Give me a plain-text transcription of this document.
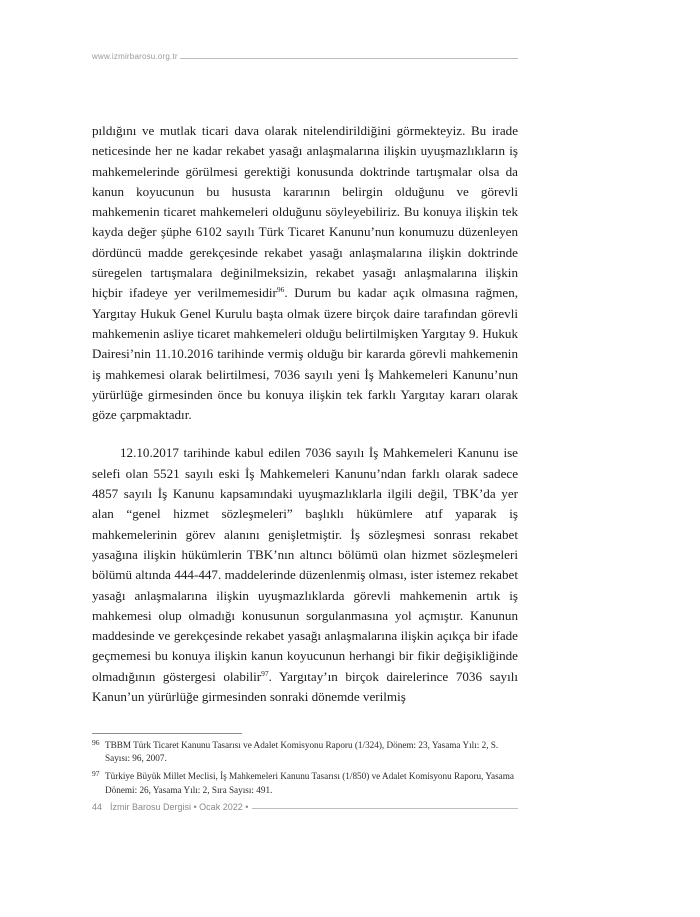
www.izmirbarosu.org.tr

pıldığını ve mutlak ticari dava olarak nitelendirildiğini görmekteyiz. Bu irade neticesinde her ne kadar rekabet yasağı anlaşmalarına ilişkin uyuşmazlıkların iş mahkemelerinde görülmesi gerektiği konusunda doktrinde tartışmalar olsa da kanun koyucunun bu hususta kararının belirgin olduğunu ve görevli mahkemenin ticaret mahkemeleri olduğunu söyleyebiliriz. Bu konuya ilişkin tek kayda değer şüphe 6102 sayılı Türk Ticaret Kanunu’nun konumuzu düzenleyen dördüncü madde gerekçesinde rekabet yasağı anlaşmalarına ilişkin doktrinde süregelen tartışmalara değinilmeksizin, rekabet yasağı anlaşmalarına ilişkin hiçbir ifadeye yer verilmemesidir$^{96}$. Durum bu kadar açık olmasına rağmen, Yargıtay Hukuk Genel Kurulu başta olmak üzere birçok daire tarafından görevli mahkemenin asliye ticaret mahkemeleri olduğu belirtilmişken Yargıtay 9. Hukuk Dairesi’nin 11.10.2016 tarihinde vermiş olduğu bir kararda görevli mahkemenin iş mahkemesi olarak belirtilmesi, 7036 sayılı yeni İş Mahkemeleri Kanunu’nun yürürlüğe girmesinden önce bu konuya ilişkin tek farklı Yargıtay kararı olarak göze çarpmaktadır.

12.10.2017 tarihinde kabul edilen 7036 sayılı İş Mahkemeleri Kanunu ise selefi olan 5521 sayılı eski İş Mahkemeleri Kanunu’ndan farklı olarak sadece 4857 sayılı İş Kanunu kapsamındaki uyuşmazlıklarla ilgili değil, TBK’da yer alan “genel hizmet sözleşmeleri” başlıklı hükümlere atıf yaparak iş mahkemelerinin görev alanını genişletmiştir. İş sözleşmesi sonrası rekabet yasağına ilişkin hükümlerin TBK’nın altıncı bölümü olan hizmet sözleşmeleri bölümü altında 444-447. maddelerinde düzenlenmiş olması, ister istemez rekabet yasağı anlaşmalarına ilişkin uyuşmazlıklarda görevli mahkemenin artık iş mahkemesi olup olmadığı konusunun sorgulanmasına yol açmıştır. Kanunun maddesinde ve gerekçesinde rekabet yasağı anlaşmalarına ilişkin açıkça bir ifade geçmemesi bu konuya ilişkin kanun koyucunun herhangi bir fikir değişikliğinde olmadığının göstergesi olabilir$^{97}$. Yargıtay’ın birçok dairelerince 7036 sayılı Kanun’un yürürlüğe girmesinden sonraki dönemde verilmiş

96 TBBM Türk Ticaret Kanunu Tasarısı ve Adalet Komisyonu Raporu (1/324), Dönem: 23, Yasama Yılı: 2, S. Sayısı: 96, 2007.
97 Türkiye Büyük Millet Meclisi, İş Mahkemeleri Kanunu Tasarısı (1/850) ve Adalet Komisyonu Raporu, Yasama Dönemi: 26, Yasama Yılı: 2, Sıra Sayısı: 491.
44 İzmir Barosu Dergisi • Ocak 2022 •
